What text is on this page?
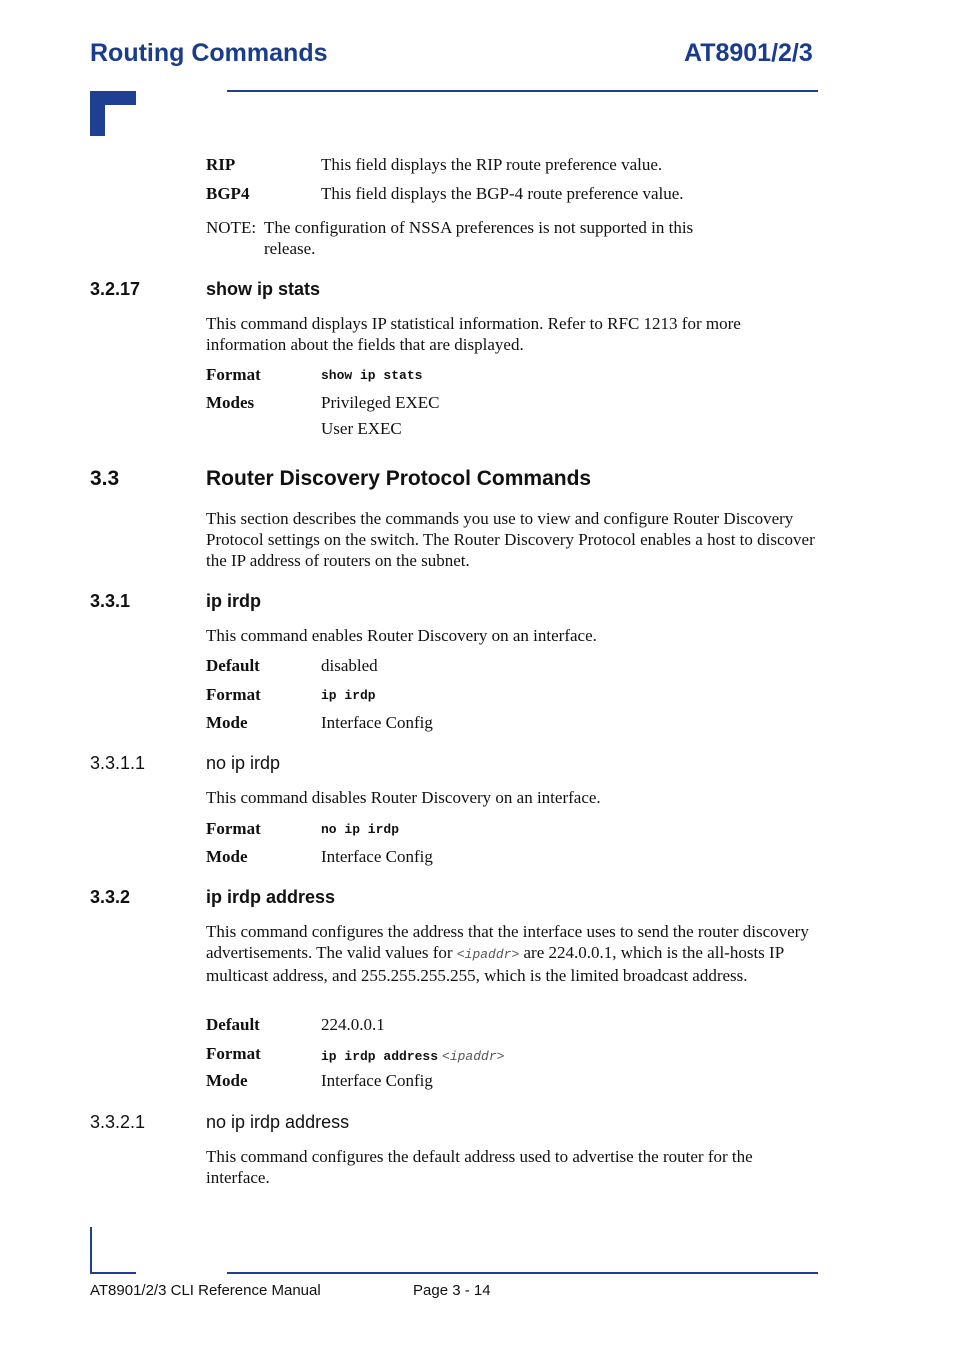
Routing Commands	AT8901/2/3
RIP	This field displays the RIP route preference value.
BGP4	This field displays the BGP-4 route preference value.
NOTE: The configuration of NSSA preferences is not supported in this
release.
3.2.17	show ip stats
This command displays IP statistical information. Refer to RFC 1213 for more information about the fields that are displayed.
Format	show ip stats
Modes	Privileged EXEC
User EXEC
3.3	Router Discovery Protocol Commands
This section describes the commands you use to view and configure Router Discovery Protocol settings on the switch. The Router Discovery Protocol enables a host to discover the IP address of routers on the subnet.
3.3.1	ip irdp
This command enables Router Discovery on an interface.
Default	disabled
Format	ip irdp
Mode	Interface Config
3.3.1.1	no ip irdp
This command disables Router Discovery on an interface.
Format	no ip irdp
Mode	Interface Config
3.3.2	ip irdp address
This command configures the address that the interface uses to send the router discovery advertisements. The valid values for <ipaddr> are 224.0.0.1, which is the all-hosts IP multicast address, and 255.255.255.255, which is the limited broadcast address.
Default	224.0.0.1
Format	ip irdp address <ipaddr>
Mode	Interface Config
3.3.2.1	no ip irdp address
This command configures the default address used to advertise the router for the interface.
AT8901/2/3 CLI Reference Manual	Page 3 - 14
